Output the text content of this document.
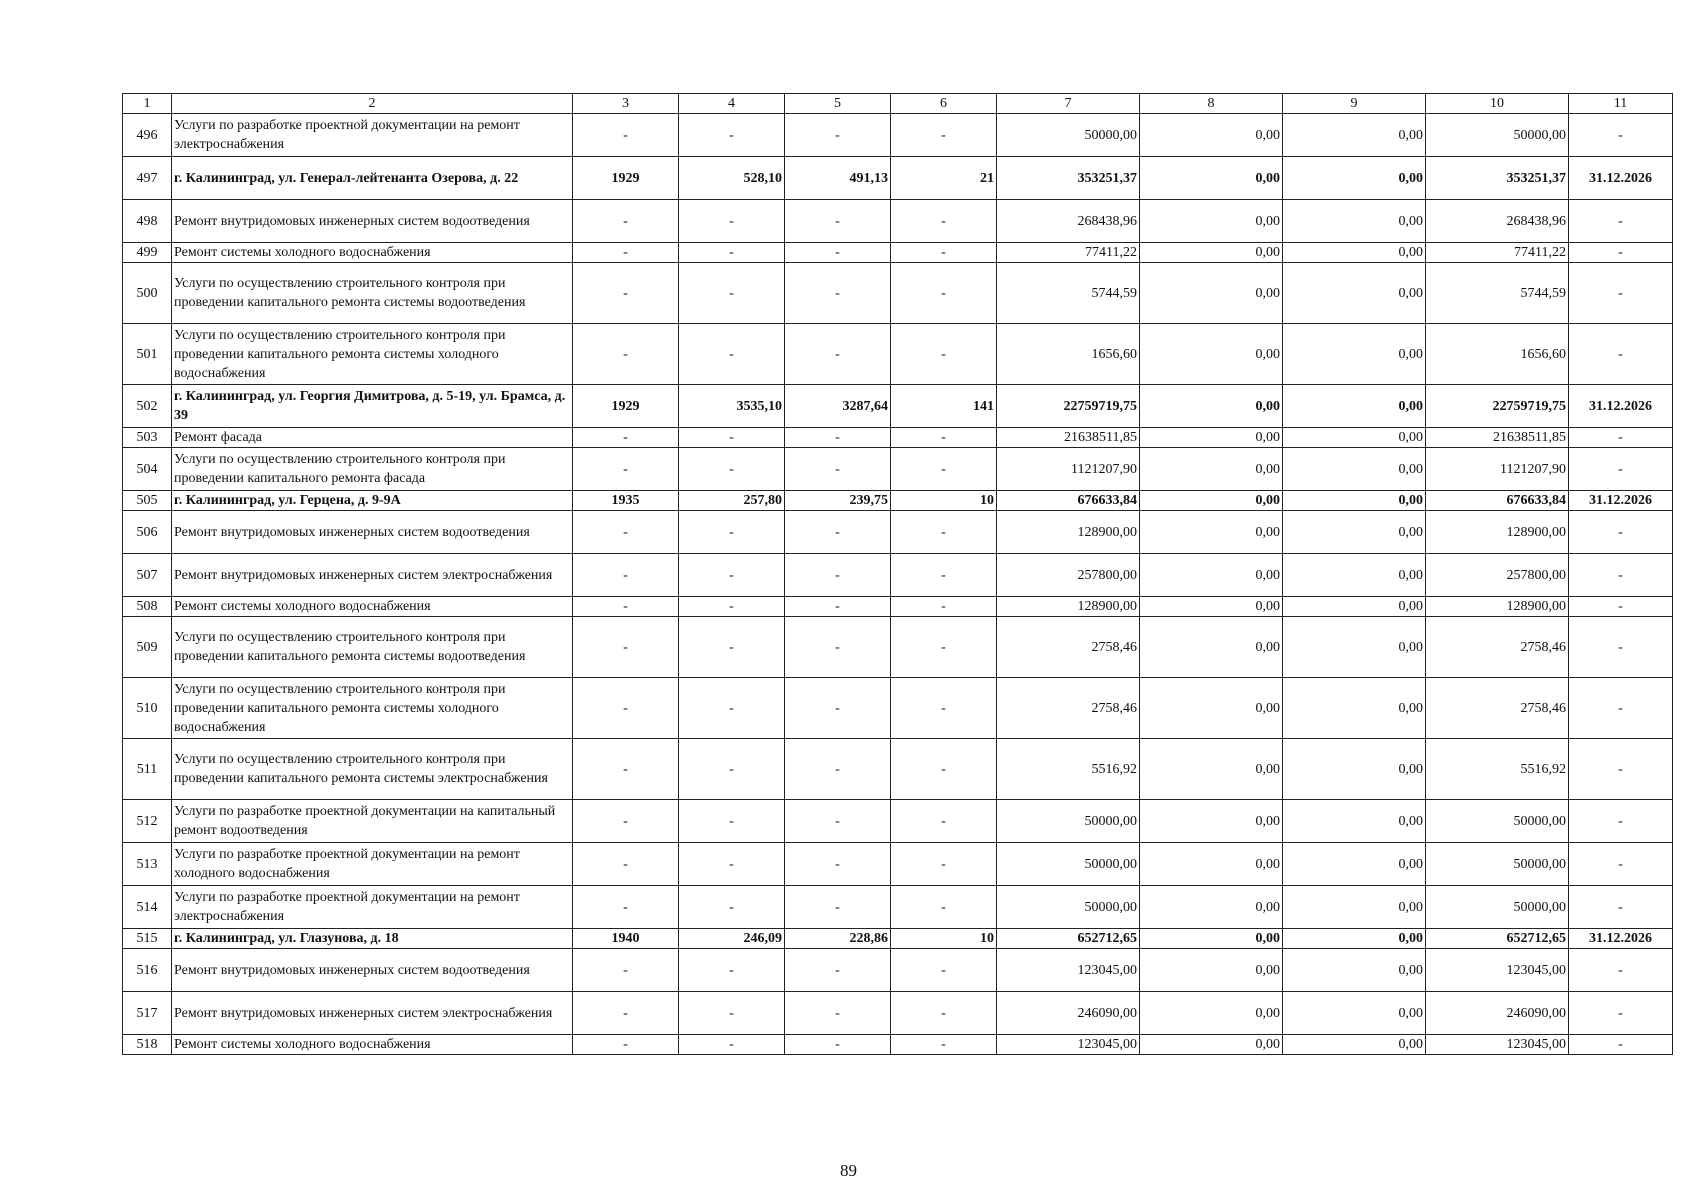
1	2	3	4	5	6	7	8	9	10	11
496	Услуги по разработке проектной документации на ремонт электроснабжения	-	-	-	-	50000,00	0,00	0,00	50000,00	-
497	г. Калининград, ул. Генерал-лейтенанта Озерова, д. 22	1929	528,10	491,13	21	353251,37	0,00	0,00	353251,37	31.12.2026
498	Ремонт внутридомовых инженерных систем водоотведения	-	-	-	-	268438,96	0,00	0,00	268438,96	-
499	Ремонт системы холодного водоснабжения	-	-	-	-	77411,22	0,00	0,00	77411,22	-
500	Услуги по осуществлению строительного контроля при проведении капитального ремонта системы водоотведения	-	-	-	-	5744,59	0,00	0,00	5744,59	-
501	Услуги по осуществлению строительного контроля при проведении капитального ремонта системы холодного водоснабжения	-	-	-	-	1656,60	0,00	0,00	1656,60	-
502	г. Калининград, ул. Георгия Димитрова, д. 5-19, ул. Брамса, д. 39	1929	3535,10	3287,64	141	22759719,75	0,00	0,00	22759719,75	31.12.2026
503	Ремонт фасада	-	-	-	-	21638511,85	0,00	0,00	21638511,85	-
504	Услуги по осуществлению строительного контроля при проведении капитального ремонта фасада	-	-	-	-	1121207,90	0,00	0,00	1121207,90	-
505	г. Калининград, ул. Герцена, д. 9-9А	1935	257,80	239,75	10	676633,84	0,00	0,00	676633,84	31.12.2026
506	Ремонт внутридомовых инженерных систем водоотведения	-	-	-	-	128900,00	0,00	0,00	128900,00	-
507	Ремонт внутридомовых инженерных систем электроснабжения	-	-	-	-	257800,00	0,00	0,00	257800,00	-
508	Ремонт системы холодного водоснабжения	-	-	-	-	128900,00	0,00	0,00	128900,00	-
509	Услуги по осуществлению строительного контроля при проведении капитального ремонта системы водоотведения	-	-	-	-	2758,46	0,00	0,00	2758,46	-
510	Услуги по осуществлению строительного контроля при проведении капитального ремонта системы холодного водоснабжения	-	-	-	-	2758,46	0,00	0,00	2758,46	-
511	Услуги по осуществлению строительного контроля при проведении капитального ремонта системы электроснабжения	-	-	-	-	5516,92	0,00	0,00	5516,92	-
512	Услуги по разработке проектной документации на капитальный ремонт водоотведения	-	-	-	-	50000,00	0,00	0,00	50000,00	-
513	Услуги по разработке проектной документации на ремонт холодного водоснабжения	-	-	-	-	50000,00	0,00	0,00	50000,00	-
514	Услуги по разработке проектной документации на ремонт электроснабжения	-	-	-	-	50000,00	0,00	0,00	50000,00	-
515	г. Калининград, ул. Глазунова, д. 18	1940	246,09	228,86	10	652712,65	0,00	0,00	652712,65	31.12.2026
516	Ремонт внутридомовых инженерных систем водоотведения	-	-	-	-	123045,00	0,00	0,00	123045,00	-
517	Ремонт внутридомовых инженерных систем электроснабжения	-	-	-	-	246090,00	0,00	0,00	246090,00	-
518	Ремонт системы холодного водоснабжения	-	-	-	-	123045,00	0,00	0,00	123045,00	-
89
